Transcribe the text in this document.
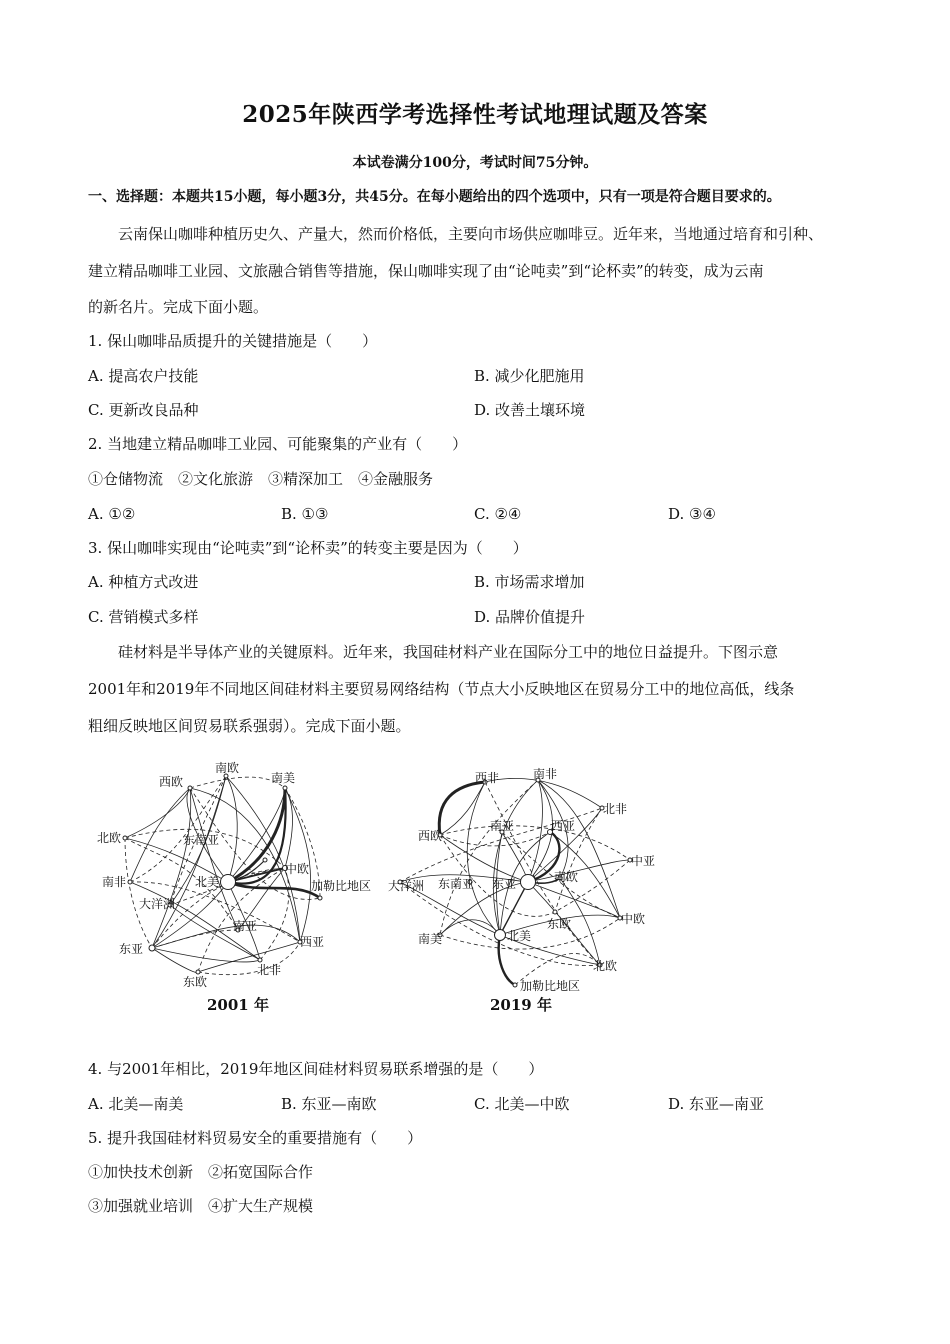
2025年陕西学考选择性考试地理试题及答案
本试卷满分100分，考试时间75分钟。
一、选择题：本题共15小题，每小题3分，共45分。在每小题给出的四个选项中，只有一项是符合题目要求的。
云南保山咖啡种植历史久、产量大，然而价格低，主要向市场供应咖啡豆。近年来，当地通过培育和引种、
建立精品咖啡工业园、文旅融合销售等措施，保山咖啡实现了由“论吨卖”到“论杯卖”的转变，成为云南
的新名片。完成下面小题。
1. 保山咖啡品质提升的关键措施是（　　）
A. 提高农户技能	B. 减少化肥施用
C. 更新改良品种	D. 改善土壤环境
2. 当地建立精品咖啡工业园、可能聚集的产业有（　　）
①仓储物流　②文化旅游　③精深加工　④金融服务
A. ①②	B. ①③	C. ②④	D. ③④
3. 保山咖啡实现由“论吨卖”到“论杯卖”的转变主要是因为（　　）
A. 种植方式改进	B. 市场需求增加
C. 营销模式多样	D. 品牌价值提升
硅材料是半导体产业的关键原料。近年来，我国硅材料产业在国际分工中的地位日益提升。下图示意
2001年和2019年不同地区间硅材料主要贸易网络结构（节点大小反映地区在贸易分工中的地位高低，线条
粗细反映地区间贸易联系强弱）。完成下面小题。
南欧
西欧	南美
北欧	东南亚
中欧
北美	加勒比地区
南非
大洋洲
南亚
西亚
东亚
北非
东欧
2001 年
西非	南非
北非
西欧
南亚	西亚
中亚
大洋洲 东南亚 东亚	南欧
中欧
东欧
南美	北美
北欧
加勒比地区
2019 年
4. 与2001年相比，2019年地区间硅材料贸易联系增强的是（　　）
A. 北美—南美	B. 东亚—南欧	C. 北美—中欧	D. 东亚—南亚
5. 提升我国硅材料贸易安全的重要措施有（　　）
①加快技术创新　②拓宽国际合作
③加强就业培训　④扩大生产规模
